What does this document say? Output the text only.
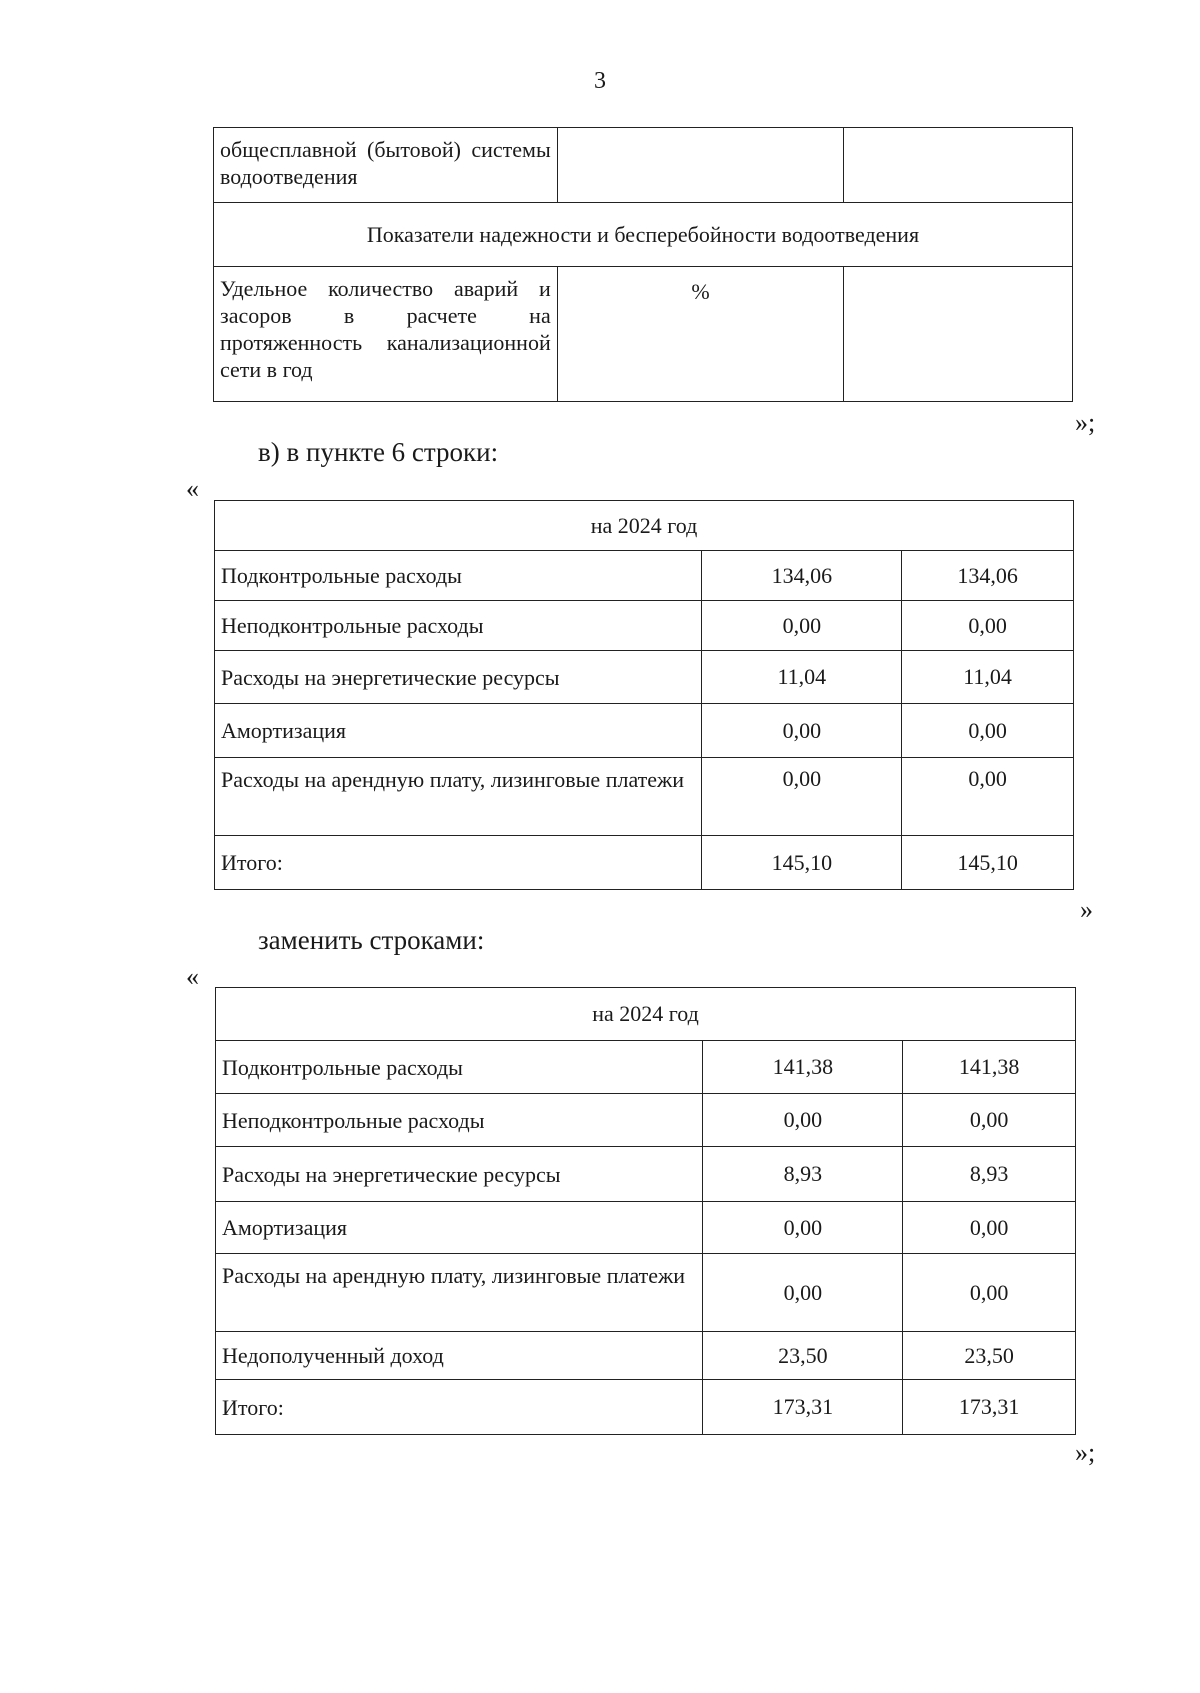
3
общесплавной (бытовой) системы водоотведения		
Показатели надежности и бесперебойности водоотведения		
Удельное количество аварий и засоров в расчете на протяженность канализационной сети в год	%	
»;
в) в пункте 6 строки:
«
на 2024 год		
Подконтрольные расходы	134,06	134,06
Неподконтрольные расходы	0,00	0,00
Расходы на энергетические ресурсы	11,04	11,04
Амортизация	0,00	0,00
Расходы на арендную плату, лизинговые платежи	0,00	0,00
Итого:	145,10	145,10
»
заменить строками:
«
на 2024 год		
Подконтрольные расходы	141,38	141,38
Неподконтрольные расходы	0,00	0,00
Расходы на энергетические ресурсы	8,93	8,93
Амортизация	0,00	0,00
Расходы на арендную плату, лизинговые платежи	0,00	0,00
Недополученный доход	23,50	23,50
Итого:	173,31	173,31
»;
